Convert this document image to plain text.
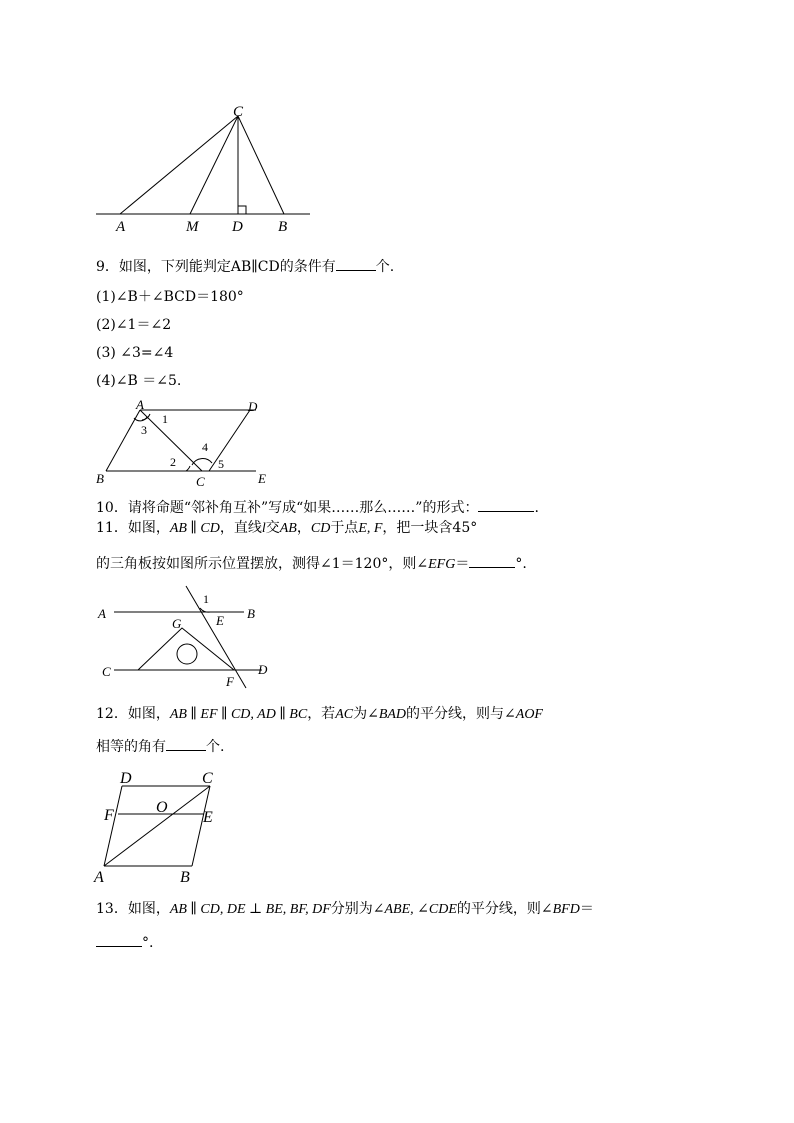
C
A	M D B
9．如图，下列能判定AB∥CD的条件有	个.
(1)∠B＋∠BCD＝180°
(2)∠1＝∠2
(3) ∠3=∠4
(4)∠B ＝∠5.
A	D
B	C	E
1
3
2
4
5
10．请将命题“邻补角互补”写成“如果……那么……”的形式：	.
11．如图，AB ∥ CD，直线l交AB，CD于点E, F，把一块含45°
的三角板按如图所示位置摆放，测得∠1＝120°，则∠EFG＝	°.
A	B
C	D
E
F
G
1
12．如图，AB ∥ EF ∥ CD, AD ∥ BC，若AC为∠BAD的平分线，则与∠AOF
相等的角有	个.
D	C
O
F	E
A	B
13．如图，AB ∥ CD, DE ⊥ BE, BF, DF分别为∠ABE, ∠CDE的平分线，则∠BFD＝
°.
